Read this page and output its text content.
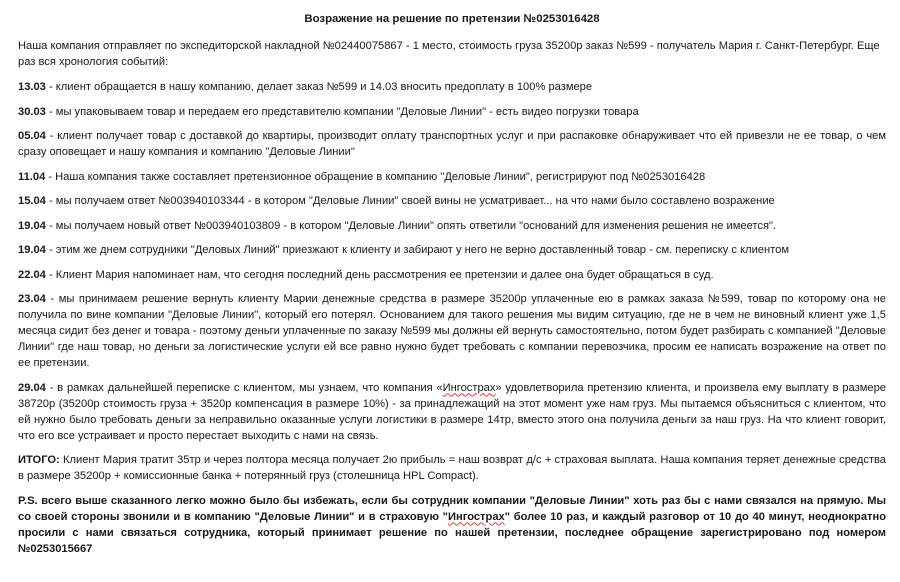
Возражение на решение по претензии №0253016428

Наша компания отправляет по экспедиторской накладной №02440075867 - 1 место, стоимость груза 35200р заказ №599 - получатель Мария г. Санкт-Петербург. Еще раз вся хронология событий:

13.03 - клиент обращается в нашу компанию, делает заказ №599 и 14.03 вносить предоплату в 100% размере

30.03 - мы упаковываем товар и передаем его представителю компании "Деловые Линии" - есть видео погрузки товара

05.04 - клиент получает товар с доставкой до квартиры, производит оплату транспортных услуг и при распаковке обнаруживает что ей привезли не ее товар, о чем сразу оповещает и нашу компания и компанию "Деловые Линии"

11.04 - Наша компания также составляет претензионное обращение в компанию "Деловые Линии", регистрируют под №0253016428

15.04 - мы получаем ответ №003940103344 - в котором "Деловые Линии" своей вины не усматривает... на что нами было составлено возражение

19.04 - мы получаем новый ответ №003940103809 - в котором "Деловые Линии" опять ответили "оснований для изменения решения не имеется".

19.04 - этим же днем сотрудники "Деловых Линий" приезжают к клиенту и забирают у него не верно доставленный товар - см. переписку с клиентом

22.04 - Клиент Мария напоминает нам, что сегодня последний день рассмотрения ее претензии и далее она будет обращаться в суд.

23.04 - мы принимаем решение вернуть клиенту Марии денежные средства в размере 35200р уплаченные ею в рамках заказа №599, товар по которому она не получила по вине компании "Деловые Линии", который его потерял. Основанием для такого решения мы видим ситуацию, где не в чем не виновный клиент уже 1,5 месяца сидит без денег и товара - поэтому деньги уплаченные по заказу №599 мы должны ей вернуть самостоятельно, потом будет разбирать с компанией "Деловые Линии" где наш товар, но деньги за логистические услуги ей все равно нужно будет требовать с компании перевозчика, просим ее написать возражение на ответ по ее претензии.

29.04 - в рамках дальнейшей переписке с клиентом, мы узнаем, что компания «Ингострах» удовлетворила претензию клиента, и произвела ему выплату в размере 38720р (35200р стоимость груза + 3520р компенсация в размере 10%) - за принадлежащий на этот момент уже нам груз. Мы пытаемся объясниться с клиентом, что ей нужно было требовать деньги за неправильно оказанные услуги логистики в размере 14тр, вместо этого она получила деньги за наш груз. На что клиент говорит, что его все устраивает и просто перестает выходить с нами на связь.

ИТОГО: Клиент Мария тратит 35тр и через полтора месяца получает 2ю прибыль = наш возврат д/с + страховая выплата. Наша компания теряет денежные средства в размере 35200р + комиссионные банка + потерянный груз (столешница HPL Compact).

P.S. всего выше сказанного легко можно было бы избежать, если бы сотрудник компании "Деловые Линии" хоть раз бы с нами связался на прямую. Мы со своей стороны звонили и в компанию "Деловые Линии" и в страховую "Ингострах" более 10 раз, и каждый разговор от 10 до 40 минут, неоднократно просили с нами связаться сотрудника, который принимает решение по нашей претензии, последнее обращение зарегистрировано под номером №0253015667
